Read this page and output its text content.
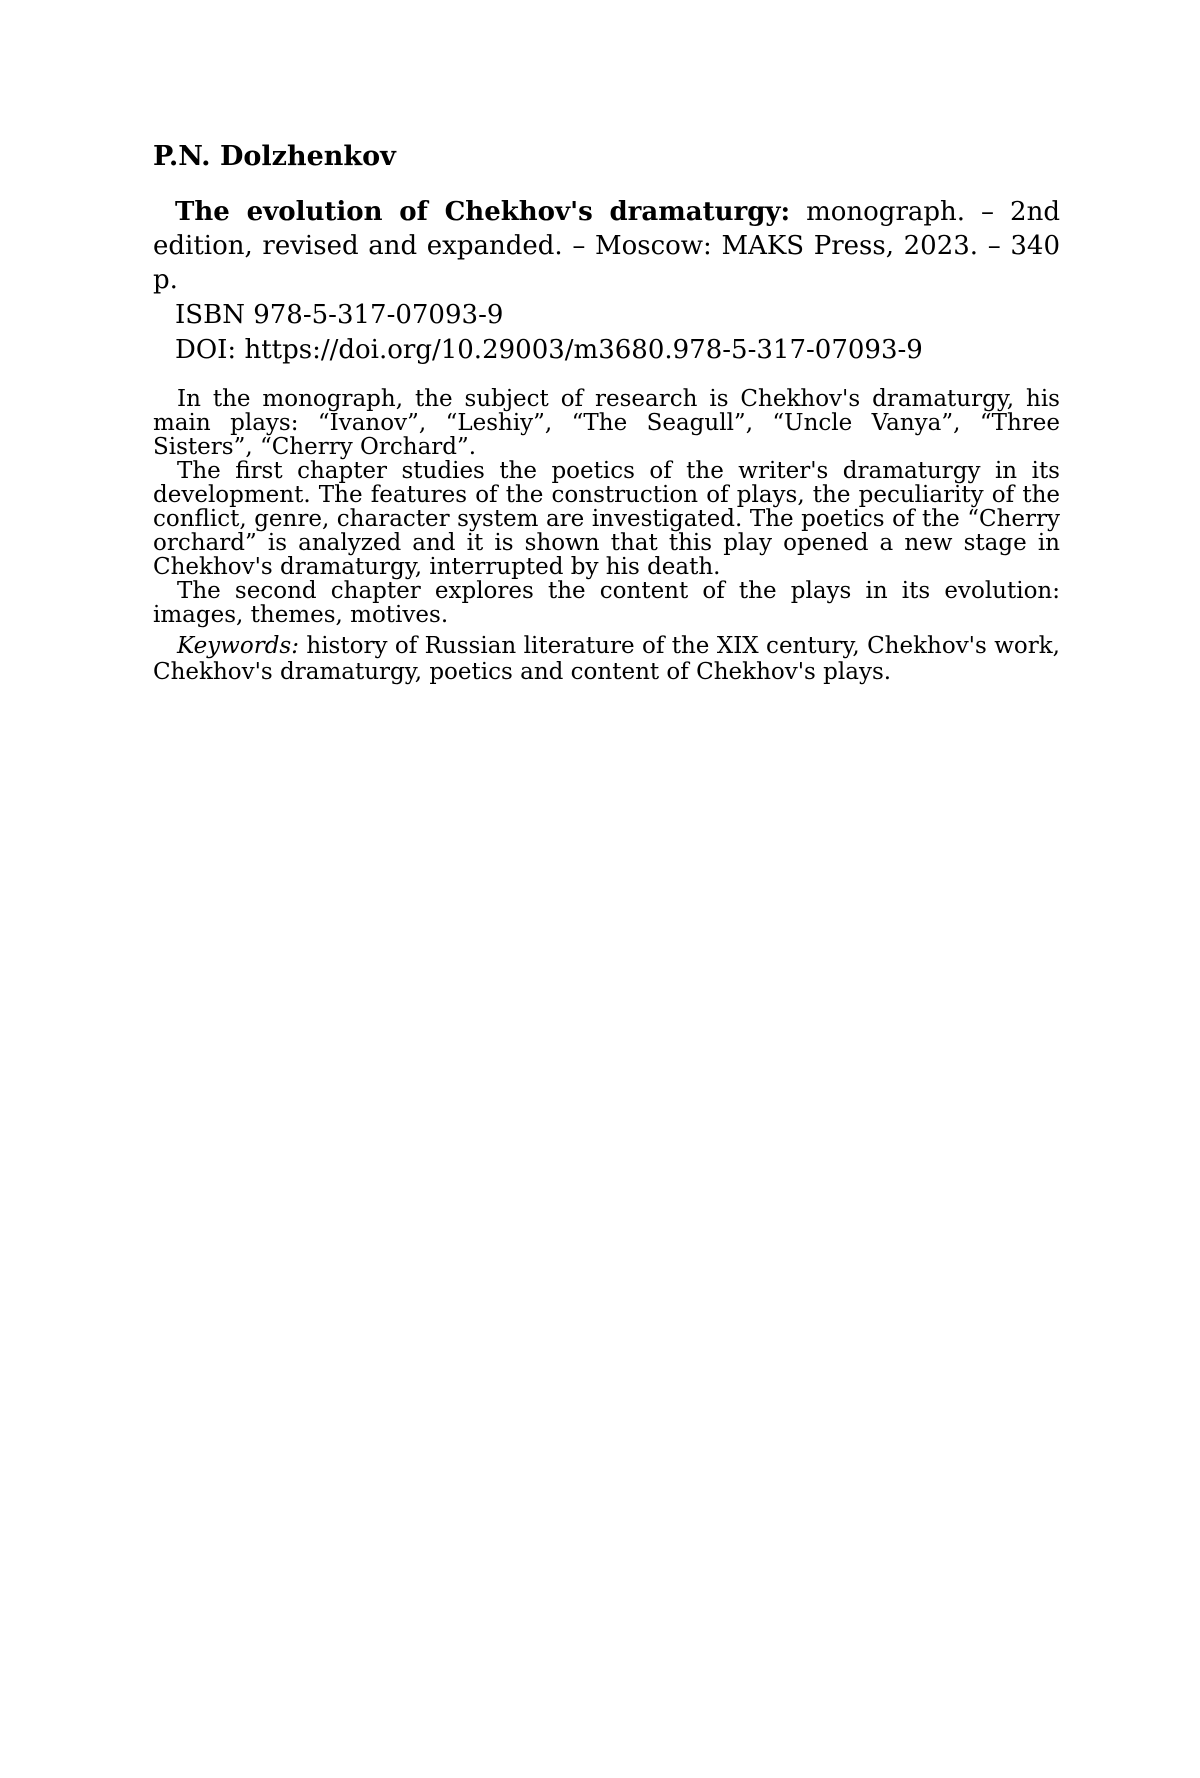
P.N. Dolzhenkov

The evolution of Chekhov's dramaturgy: monograph. – 2nd edition, revised and expanded. – Moscow: MAKS Press, 2023. – 340 p.

ISBN 978-5-317-07093-9
DOI: https://doi.org/10.29003/m3680.978-5-317-07093-9

In the monograph, the subject of research is Chekhov's dramaturgy, his main plays: “Ivanov”, “Leshiy”, “The Seagull”, “Uncle Vanya”, “Three Sisters”, “Cherry Orchard”.

The first chapter studies the poetics of the writer's dramaturgy in its development. The features of the construction of plays, the peculiarity of the conflict, genre, character system are investigated. The poetics of the “Cherry orchard” is analyzed and it is shown that this play opened a new stage in Chekhov's dramaturgy, interrupted by his death.

The second chapter explores the content of the plays in its evolution: images, themes, motives.

Keywords: history of Russian literature of the XIX century, Chekhov's work, Chekhov's dramaturgy, poetics and content of Chekhov's plays.
